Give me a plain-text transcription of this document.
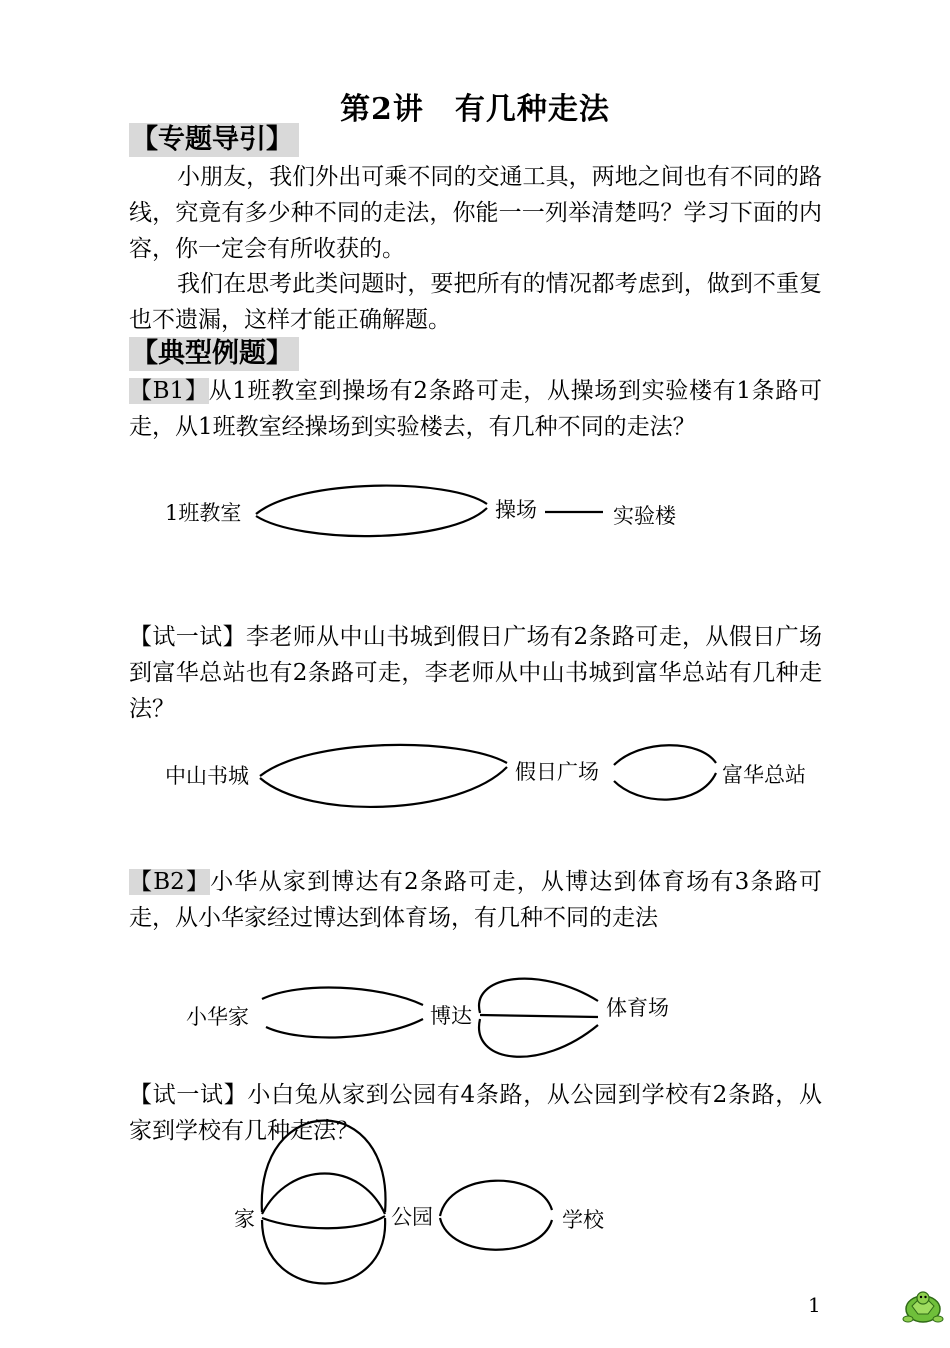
第2讲　有几种走法
【专题导引】

小朋友，我们外出可乘不同的交通工具，两地之间也有不同的路线，究竟有多少种不同的走法，你能一一列举清楚吗？学习下面的内容，你一定会有所收获的。

我们在思考此类问题时，要把所有的情况都考虑到，做到不重复也不遗漏，这样才能正确解题。

【典型例题】

【B1】从1班教室到操场有2条路可走，从操场到实验楼有1条路可走，从1班教室经操场到实验楼去，有几种不同的走法？

1班教室	操场	实验楼

【试一试】李老师从中山书城到假日广场有2条路可走，从假日广场到富华总站也有2条路可走，李老师从中山书城到富华总站有几种走法？

中山书城	假日广场	富华总站

【B2】小华从家到博达有2条路可走，从博达到体育场有3条路可走，从小华家经过博达到体育场，有几种不同的走法

小华家	博达	体育场

【试一试】小白兔从家到公园有4条路，从公园到学校有2条路，从家到学校有几种走法？

家	公园	学校
1
